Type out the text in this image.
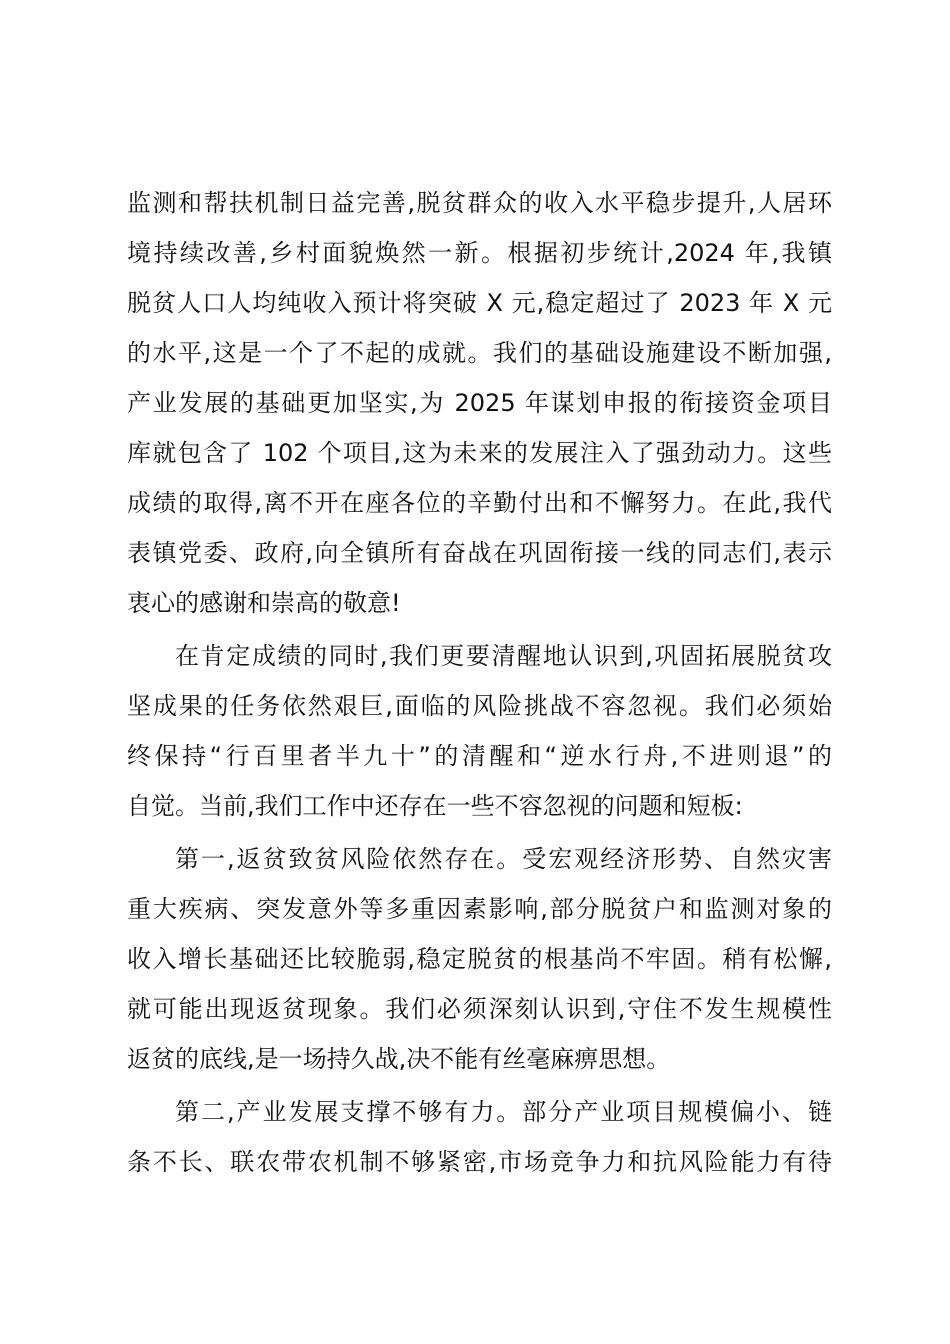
监测和帮扶机制日益完善,脱贫群众的收入水平稳步提升,人居环
境持续改善,乡村面貌焕然一新。根据初步统计,2024 年,我镇
脱贫人口人均纯收入预计将突破 X 元,稳定超过了 2023 年 X 元
的水平,这是一个了不起的成就。我们的基础设施建设不断加强,
产业发展的基础更加坚实,为 2025 年谋划申报的衔接资金项目
库就包含了 102 个项目,这为未来的发展注入了强劲动力。这些
成绩的取得,离不开在座各位的辛勤付出和不懈努力。在此,我代
表镇党委、政府,向全镇所有奋战在巩固衔接一线的同志们,表示
衷心的感谢和崇高的敬意!
在肯定成绩的同时,我们更要清醒地认识到,巩固拓展脱贫攻
坚成果的任务依然艰巨,面临的风险挑战不容忽视。我们必须始
终保持“行百里者半九十”的清醒和“逆水行舟,不进则退”的
自觉。当前,我们工作中还存在一些不容忽视的问题和短板:
第一,返贫致贫风险依然存在。受宏观经济形势、自然灾害
重大疾病、突发意外等多重因素影响,部分脱贫户和监测对象的
收入增长基础还比较脆弱,稳定脱贫的根基尚不牢固。稍有松懈,
就可能出现返贫现象。我们必须深刻认识到,守住不发生规模性
返贫的底线,是一场持久战,决不能有丝毫麻痹思想。
第二,产业发展支撑不够有力。部分产业项目规模偏小、链
条不长、联农带农机制不够紧密,市场竞争力和抗风险能力有待
